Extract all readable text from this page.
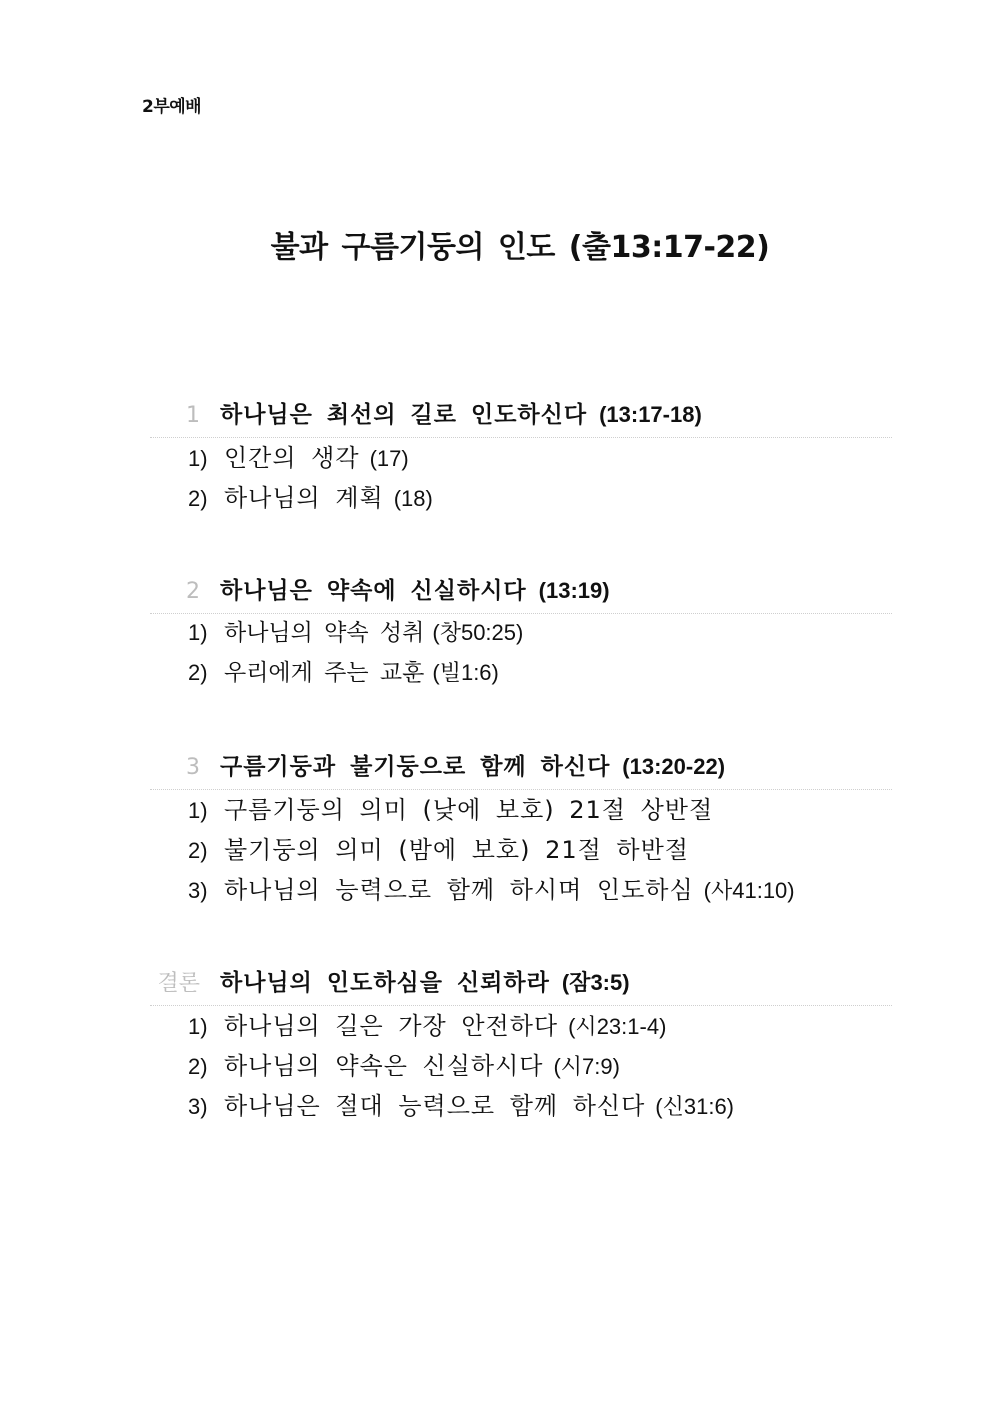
2부예배
불과 구름기둥의 인도 (출13:17-22)
1 하나님은 최선의 길로 인도하신다 (13:17-18)
1) 인간의 생각 (17)
2) 하나님의 계획 (18)
2 하나님은 약속에 신실하시다 (13:19)
1) 하나님의 약속 성취 (창50:25)
2) 우리에게 주는 교훈 (빌1:6)
3 구름기둥과 불기둥으로 함께 하신다 (13:20-22)
1) 구름기둥의 의미 (낮에 보호) 21절 상반절
2) 불기둥의 의미 (밤에 보호) 21절 하반절
3) 하나님의 능력으로 함께 하시며 인도하심 (사41:10)
결론 하나님의 인도하심을 신뢰하라 (잠3:5)
1) 하나님의 길은 가장 안전하다 (시23:1-4)
2) 하나님의 약속은 신실하시다 (시7:9)
3) 하나님은 절대 능력으로 함께 하신다 (신31:6)
